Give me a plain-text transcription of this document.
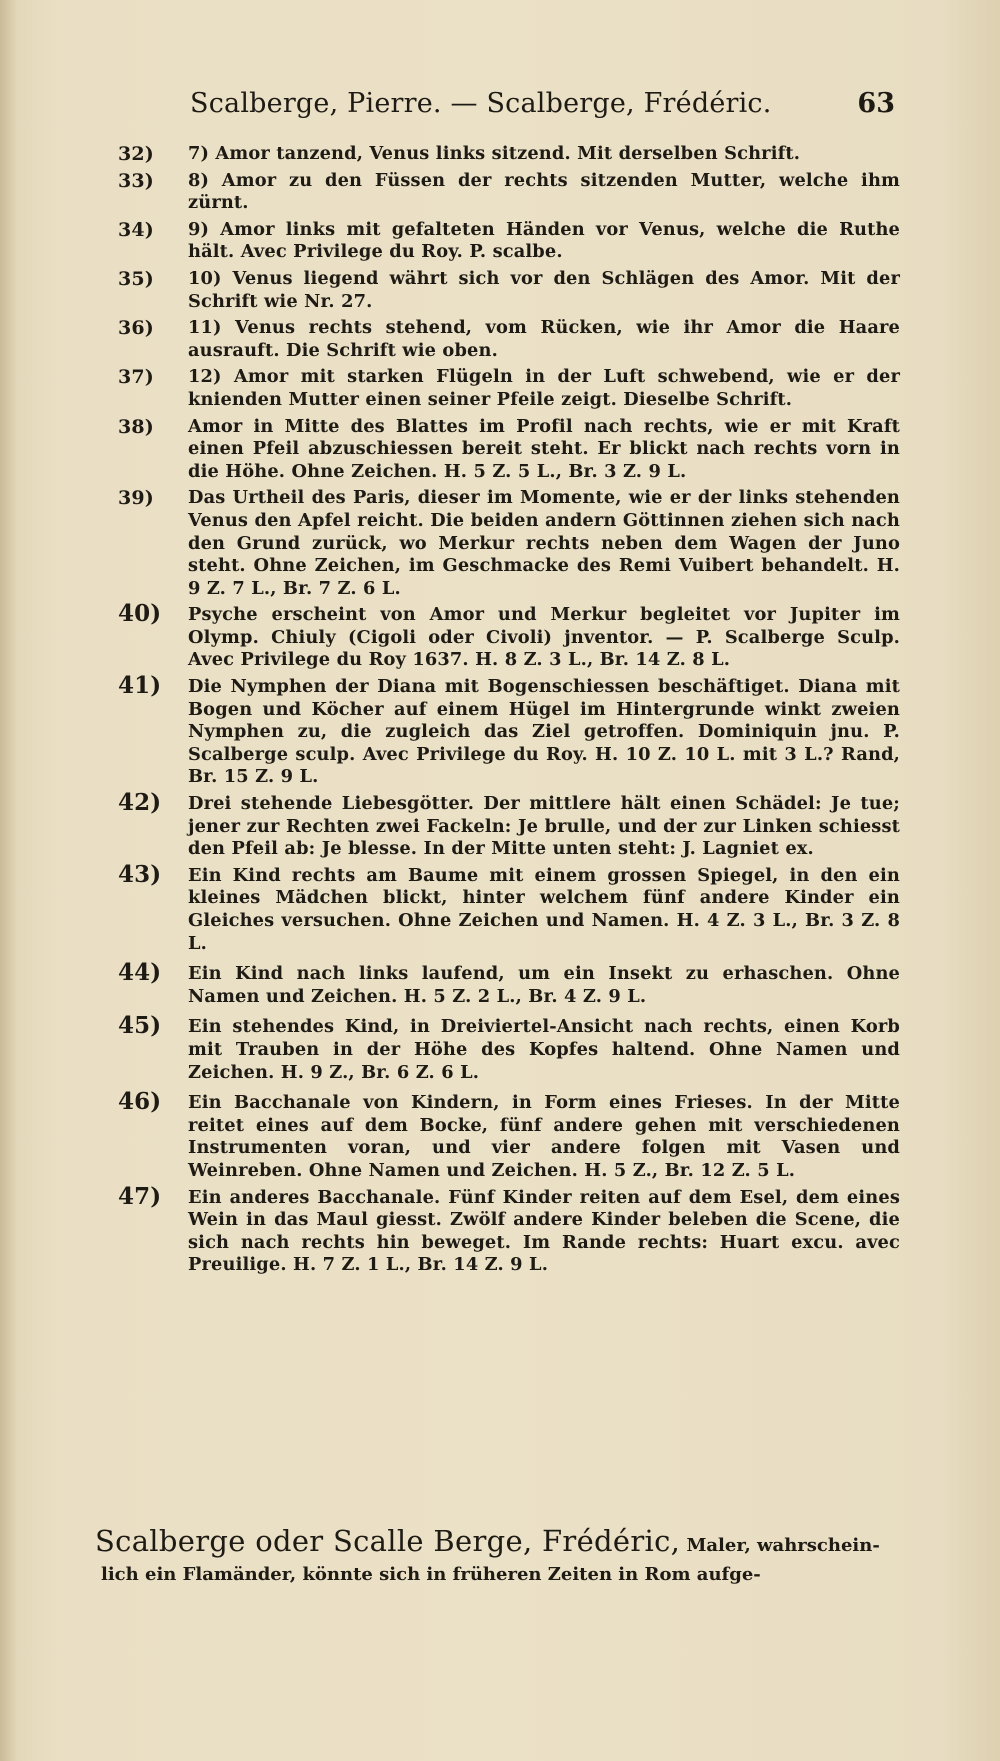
Scalberge, Pierre. — Scalberge, Frédéric.	63
32) 7) Amor tanzend, Venus links sitzend. Mit derselben Schrift.
33) 8) Amor zu den Füssen der rechts sitzenden Mutter, welche ihm zürnt.
34) 9) Amor links mit gefalteten Händen vor Venus, welche die Ruthe hält. Avec Privilege du Roy. P. scalbe.
35) 10) Venus liegend währt sich vor den Schlägen des Amor. Mit der Schrift wie Nr. 27.
36) 11) Venus rechts stehend, vom Rücken, wie ihr Amor die Haare ausrauft. Die Schrift wie oben.
37) 12) Amor mit starken Flügeln in der Luft schwebend, wie er der knienden Mutter einen seiner Pfeile zeigt. Dieselbe Schrift.
38) Amor in Mitte des Blattes im Profil nach rechts, wie er mit Kraft einen Pfeil abzuschiessen bereit steht. Er blickt nach rechts vorn in die Höhe. Ohne Zeichen. H. 5 Z. 5 L., Br. 3 Z. 9 L.
39) Das Urtheil des Paris, dieser im Momente, wie er der links stehenden Venus den Apfel reicht. Die beiden andern Göttinnen ziehen sich nach den Grund zurück, wo Merkur rechts neben dem Wagen der Juno steht. Ohne Zeichen, im Geschmacke des Remi Vuibert behandelt. H. 9 Z. 7 L., Br. 7 Z. 6 L.
40) Psyche erscheint von Amor und Merkur begleitet vor Jupiter im Olymp. Chiuly (Cigoli oder Civoli) jnventor. — P. Scalberge Sculp. Avec Privilege du Roy 1637. H. 8 Z. 3 L., Br. 14 Z. 8 L.
41) Die Nymphen der Diana mit Bogenschiessen beschäftiget. Diana mit Bogen und Köcher auf einem Hügel im Hintergrunde winkt zweien Nymphen zu, die zugleich das Ziel getroffen. Dominiquin jnu. P. Scalberge sculp. Avec Privilege du Roy. H. 10 Z. 10 L. mit 3 L.? Rand, Br. 15 Z. 9 L.
42) Drei stehende Liebesgötter. Der mittlere hält einen Schädel: Je tue; jener zur Rechten zwei Fackeln: Je brulle, und der zur Linken schiesst den Pfeil ab: Je blesse. In der Mitte unten steht: J. Lagniet ex.
43) Ein Kind rechts am Baume mit einem grossen Spiegel, in den ein kleines Mädchen blickt, hinter welchem fünf andere Kinder ein Gleiches versuchen. Ohne Zeichen und Namen. H. 4 Z. 3 L., Br. 3 Z. 8 L.
44) Ein Kind nach links laufend, um ein Insekt zu erhaschen. Ohne Namen und Zeichen. H. 5 Z. 2 L., Br. 4 Z. 9 L.
45) Ein stehendes Kind, in Dreiviertel-Ansicht nach rechts, einen Korb mit Trauben in der Höhe des Kopfes haltend. Ohne Namen und Zeichen. H. 9 Z., Br. 6 Z. 6 L.
46) Ein Bacchanale von Kindern, in Form eines Frieses. In der Mitte reitet eines auf dem Bocke, fünf andere gehen mit verschiedenen Instrumenten voran, und vier andere folgen mit Vasen und Weinreben. Ohne Namen und Zeichen. H. 5 Z., Br. 12 Z. 5 L.
47) Ein anderes Bacchanale. Fünf Kinder reiten auf dem Esel, dem eines Wein in das Maul giesst. Zwölf andere Kinder beleben die Scene, die sich nach rechts hin beweget. Im Rande rechts: Huart excu. avec Preuilige. H. 7 Z. 1 L., Br. 14 Z. 9 L.
Scalberge oder Scalle Berge, Frédéric, Maler, wahrschein-
lich ein Flamänder, könnte sich in früheren Zeiten in Rom aufge-
